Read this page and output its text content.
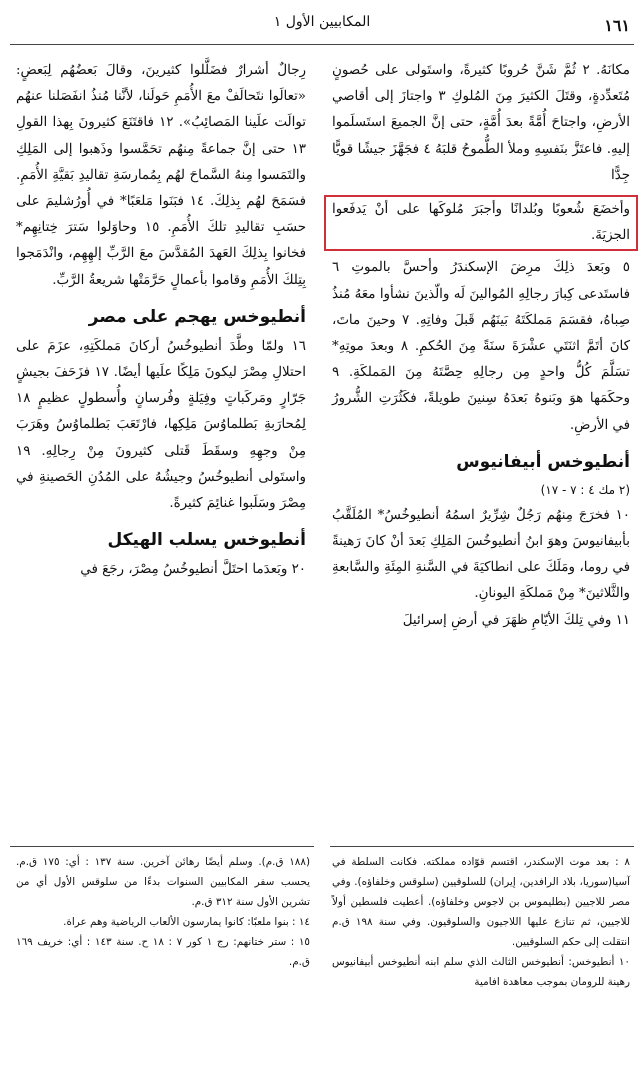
المكابيين الأول ١	١٦١

مكانَهُ. ٢ ثُمَّ شَنَّ حُروبًا كثيرةً، واستَولى على حُصونٍ مُتَعدِّدةٍ، وقتَلَ الكثيرَ مِنَ المُلوكِ ٣ واجتازَ إلى أقاصي الأرضِ، واجتاحَ أُمَّةً بعدَ أُمَّةٍ، حتى إنَّ الجميعَ استَسلَموا إليهِ. فاعتَزَّ بنَفسِهِ وملأ الطُّموحُ قلبَهُ ٤ فجَهَّزَ جيشًا قويًّا جِدًّا

وأخضَعَ شُعوبًا وبُلدانًا وأجبَرَ مُلوكَها على أنْ يَدفَعوا الجزيَةَ.

٥ وبَعدَ ذلِكَ مرِضَ الإسكندَرُ وأحسَّ بالموتِ ٦ فاستَدعى كِبارَ رجالِهِ المُوالينَ لَه والّذينَ نشأوا معَهُ مُنذُ صِباهُ، فقسَمَ مَملكَتَهُ بَينَهُم قَبلَ وفاتِهِ. ٧ وحينَ ماتَ، كانَ أتَمَّ اثنَتَي عشْرَةَ سنَةً مِنَ الحُكمِ. ٨ وبعدَ موتِهِ* تسَلَّمَ كُلُّ واحدٍ مِن رجالِهِ حِصَّتَهُ مِنَ المَملكَةِ. ٩ وحكَمَها هوَ وبَنوهُ بَعدَهُ سِنينَ طويلةً، فكَثُرَتِ الشُّرورُ في الأرضِ.

أنطيوخس أبيفانيوس

(٢ مك ٤ : ٧ - ١٧)

١٠ فخرَجَ مِنهُم رَجُلٌ شِرِّيرٌ اسمُهُ أنطيوخُسُ* المُلَقَّبُ بأبيفانيوسَ وهوَ ابنُ أنطيوخُسَ المَلِكِ بَعدَ أنْ كانَ رَهينةً في روما، ومَلَكَ على انطاكيَةَ في السَّنةِ المِئَةِ والسَّابعةِ والثَّلاثينَ* مِنْ مَملكَةِ اليونانِ.

١١ وفي تِلكَ الأيّامِ ظهَرَ في أرضِ إسرائيلَ

رِجالٌ أشرارٌ فضَلَّلوا كثيرينَ، وقالَ بَعضُهُم لِبَعضٍ: «تعالَوا نتَحالَفْ معَ الأُمَمِ حَولَنا، لأنَّنا مُنذُ انفَصَلنا عنهُم توالَت علَينا المَصائِبُ». ١٢ فاقتَنَعَ كثيرونَ بِهذا القولِ ١٣ حتى إنَّ جماعةً مِنهُم تحَمَّسوا وذَهبوا إلى المَلِكِ والتَمَسوا مِنهُ السَّماحَ لهُم بِمُمارسَةِ تقاليدِ بَقيَّةِ الأُمَمِ. فسَمَحَ لهُم بِذلِكَ. ١٤ فبَنَوا مَلعَبًا* في أُورُشليمَ على حسَبِ تقاليدِ تلكَ الأُمَمِ. ١٥ وحاوَلوا سَترَ خِتانِهِم* فخانوا بِذلِكَ العَهدَ المُقدَّسَ معَ الرَّبِّ إلهِهِم، وانْدَمَجوا بِتِلكَ الأُمَمِ وقاموا بأعمالٍ حَرَّمَتْها شريعةُ الرَّبِّ.

أنطيوخس يهجم على مصر

١٦ ولمّا وطَّدَ أنطيوخُسُ أركانَ مَملكَتِهِ، عزَمَ على احتلالِ مِصْرَ ليكونَ مَلِكًا علَيها أيضًا. ١٧ فزَحَفَ بجيشٍ جَرّارٍ ومَركَباتٍ وفِيَلةٍ وفُرسانٍ وأُسطولٍ عظيمٍ ١٨ لِمُحارَبةِ بَطلماوُسَ مَلِكِها، فارْتَعَبَ بَطلماوُسُ وهَرَبَ مِنْ وجهِهِ وسقَطَ قَتلى كثيرونَ مِنْ رِجالِهِ. ١٩ واستَولى أنطيوخُسُ وجيشُهُ على المُدُنِ الحَصينةِ في مِصْرَ وسَلَبوا غنائِمَ كثيرةً.

أنطيوخس يسلب الهيكل

٢٠ وبَعدَما احتَلَّ أنطيوخُسُ مِصْرَ، رجَعَ في

٨ : بعد موت الإسكندر، اقتسم قوّاده مملكته. فكانت السلطة في آسيا(سوريا، بلاد الرافدين، إيران) للسلوقيين (سلوقس وخلفاؤه). وفي مصر للاجيين (بطليموس بن لاجوس وخلفاؤه). أعطيت فلسطين أولاً للاجيين، ثم تنازع عليها اللاجيون والسلوقيون. وفي سنة ١٩٨ ق.م انتقلت إلى حكم السلوقيين.

١٠ أنطيوخس: أنطيوخس الثالث الذي سلم ابنه أنطيوخس أبيفانيوس رهينة للرومان بموجب معاهدة افامية

(١٨٨ ق.م). وسلم أيضًا رهائن آخرين. سنة ١٣٧ : أي: ١٧٥ ق.م. يحسب سفر المكابيين السنوات بدءًا من سلوقس الأول أي من تشرين الأول سنة ٣١٢ ق.م.

١٤ : بنوا ملعبًا: كانوا يمارسون الألعاب الرياضية وهم عراة.

١٥ : ستر ختانهم: رج ١ كور ٧ : ١٨ ح. سنة ١٤٣ : أي: خريف ١٦٩ ق.م.
